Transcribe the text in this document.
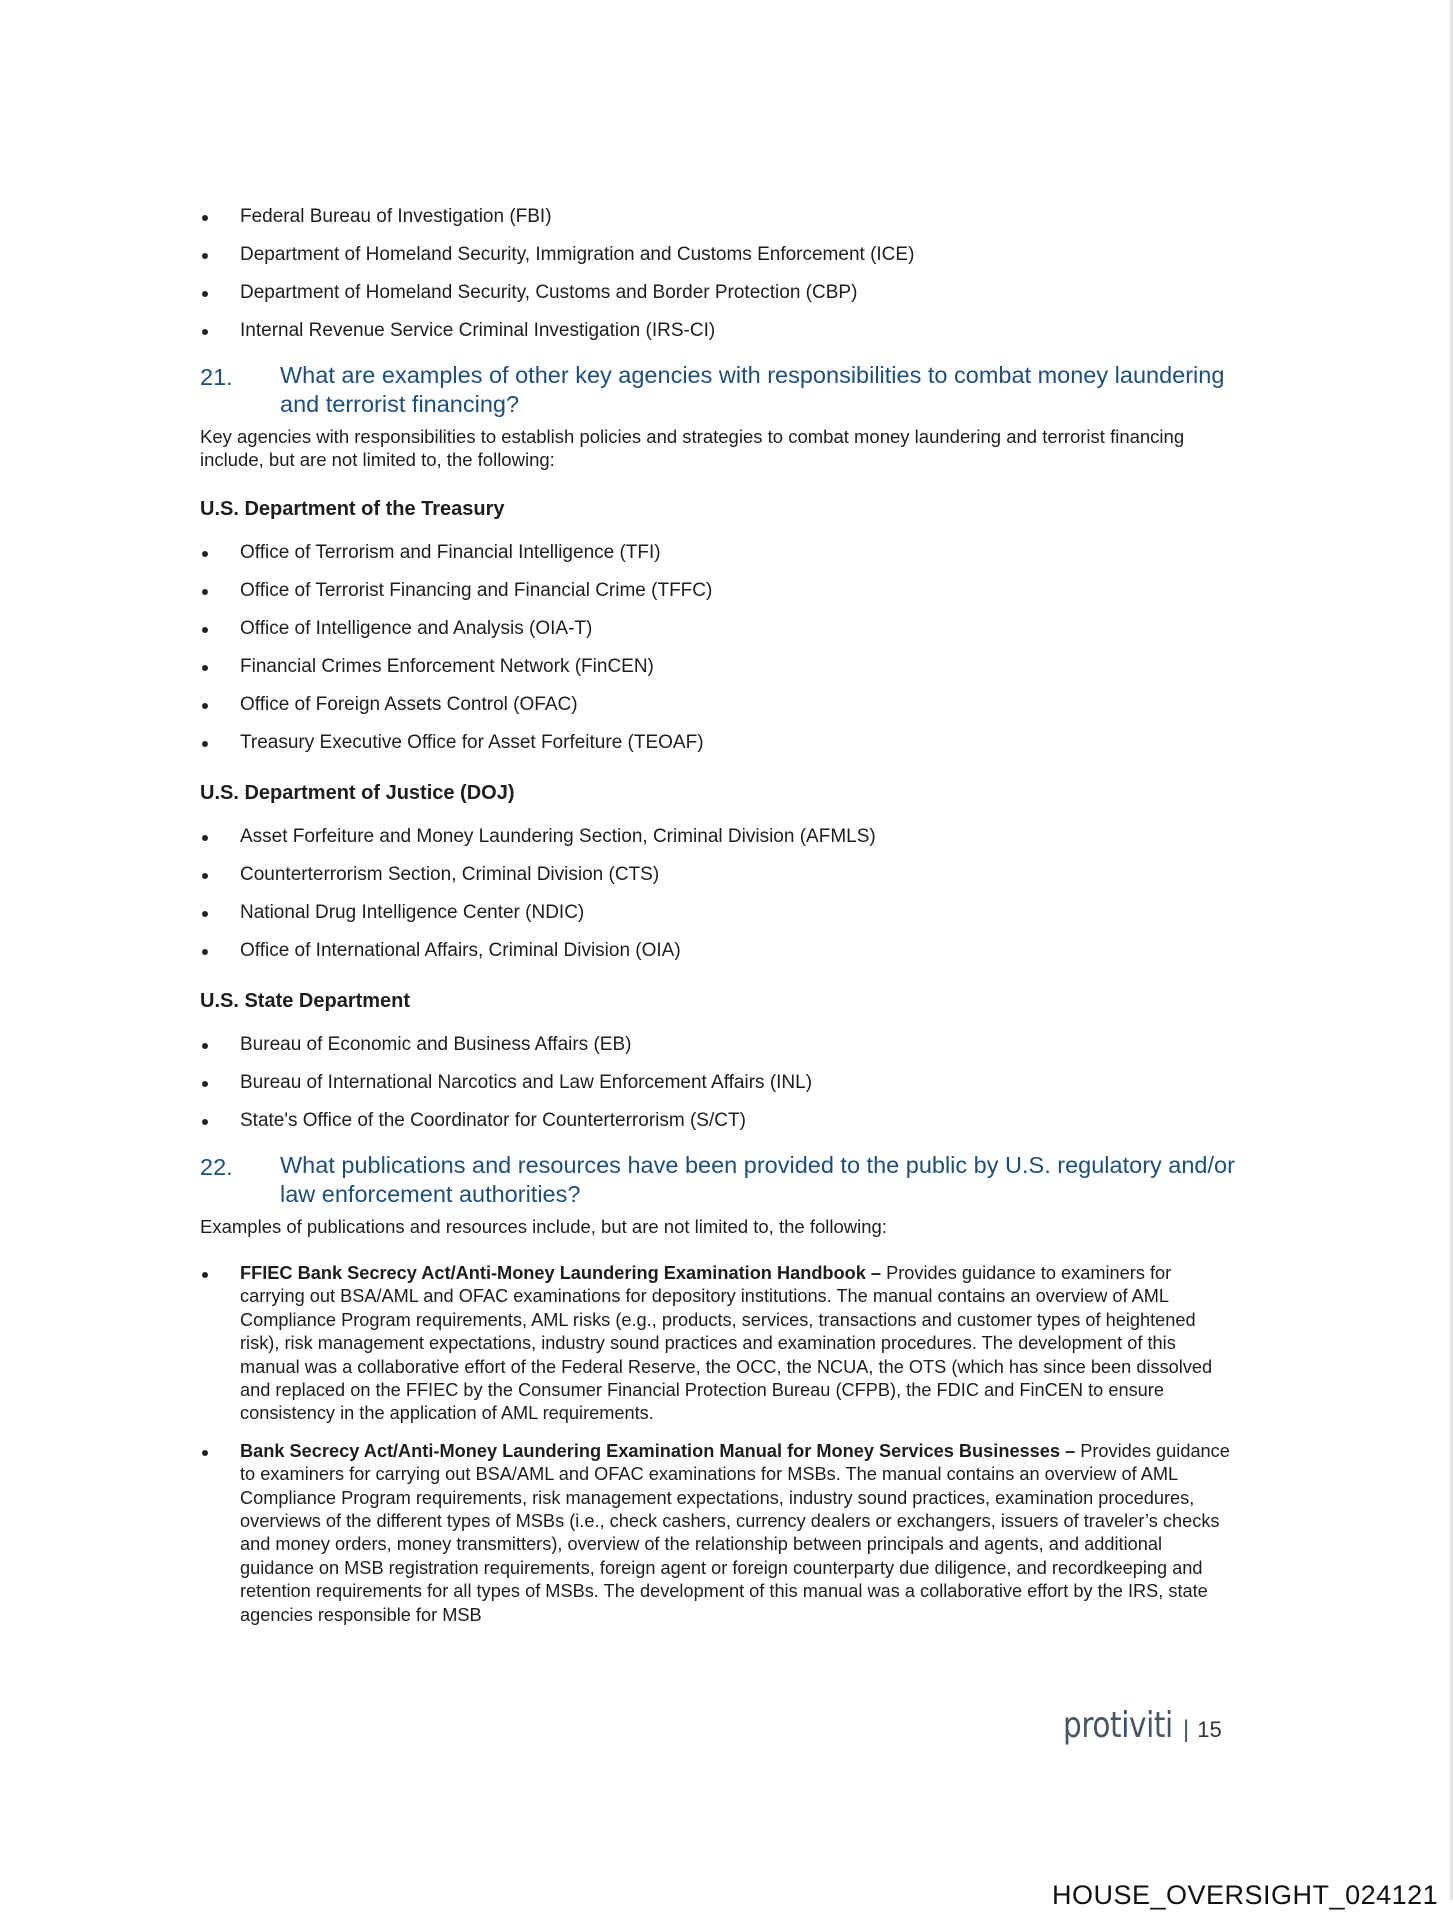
Federal Bureau of Investigation (FBI)
Department of Homeland Security, Immigration and Customs Enforcement (ICE)
Department of Homeland Security, Customs and Border Protection (CBP)
Internal Revenue Service Criminal Investigation (IRS-CI)
21.	What are examples of other key agencies with responsibilities to combat money laundering and terrorist financing?
Key agencies with responsibilities to establish policies and strategies to combat money laundering and terrorist financing include, but are not limited to, the following:
U.S. Department of the Treasury
Office of Terrorism and Financial Intelligence (TFI)
Office of Terrorist Financing and Financial Crime (TFFC)
Office of Intelligence and Analysis (OIA-T)
Financial Crimes Enforcement Network (FinCEN)
Office of Foreign Assets Control (OFAC)
Treasury Executive Office for Asset Forfeiture (TEOAF)
U.S. Department of Justice (DOJ)
Asset Forfeiture and Money Laundering Section, Criminal Division (AFMLS)
Counterterrorism Section, Criminal Division (CTS)
National Drug Intelligence Center (NDIC)
Office of International Affairs, Criminal Division (OIA)
U.S. State Department
Bureau of Economic and Business Affairs (EB)
Bureau of International Narcotics and Law Enforcement Affairs (INL)
State's Office of the Coordinator for Counterterrorism (S/CT)
22.	What publications and resources have been provided to the public by U.S. regulatory and/or law enforcement authorities?
Examples of publications and resources include, but are not limited to, the following:
FFIEC Bank Secrecy Act/Anti-Money Laundering Examination Handbook – Provides guidance to examiners for carrying out BSA/AML and OFAC examinations for depository institutions. The manual contains an overview of AML Compliance Program requirements, AML risks (e.g., products, services, transactions and customer types of heightened risk), risk management expectations, industry sound practices and examination procedures. The development of this manual was a collaborative effort of the Federal Reserve, the OCC, the NCUA, the OTS (which has since been dissolved and replaced on the FFIEC by the Consumer Financial Protection Bureau (CFPB), the FDIC and FinCEN to ensure consistency in the application of AML requirements.
Bank Secrecy Act/Anti-Money Laundering Examination Manual for Money Services Businesses – Provides guidance to examiners for carrying out BSA/AML and OFAC examinations for MSBs. The manual contains an overview of AML Compliance Program requirements, risk management expectations, industry sound practices, examination procedures, overviews of the different types of MSBs (i.e., check cashers, currency dealers or exchangers, issuers of traveler’s checks and money orders, money transmitters), overview of the relationship between principals and agents, and additional guidance on MSB registration requirements, foreign agent or foreign counterparty due diligence, and recordkeeping and retention requirements for all types of MSBs. The development of this manual was a collaborative effort by the IRS, state agencies responsible for MSB
protiviti | 15
HOUSE_OVERSIGHT_024121
